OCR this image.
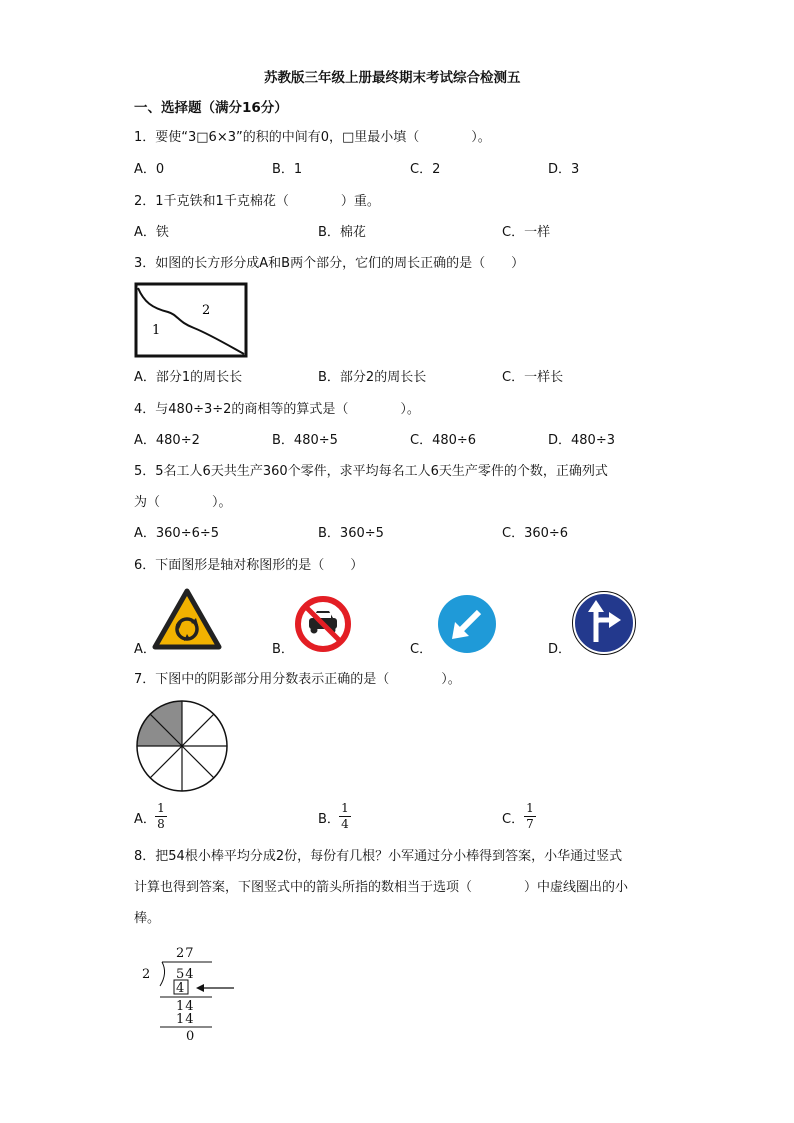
苏教版三年级上册最终期末考试综合检测五
一、选择题（满分16分）
1．要使“3□6×3”的积的中间有0，□里最小填（　　　　）。
A．0	B．1	C．2	D．3
2．1千克铁和1千克棉花（　　　　）重。
A．铁	B．棉花	C．一样
3．如图的长方形分成A和B两个部分，它们的周长正确的是（　　）
1
2
A．部分1的周长长	B．部分2的周长长	C．一样长
4．与480÷3÷2的商相等的算式是（　　　　）。
A．480÷2	B．480÷5	C．480÷6	D．480÷3
5．5名工人6天共生产360个零件，求平均每名工人6天生产零件的个数，正确列式
为（　　　　）。
A．360÷6÷5	B．360÷5	C．360÷6
6．下面图形是轴对称图形的是（　　）
A．	B．	C．	D．
7．下图中的阴影部分用分数表示正确的是（　　　　）。
A．
1
8	B．
1
4	C．
1
7
8．把54根小棒平均分成2份，每份有几根？小军通过分小棒得到答案，小华通过竖式
计算也得到答案，下图竖式中的箭头所指的数相当于选项（　　　　）中虚线圈出的小
棒。
27
2 54
4
14
14
0
